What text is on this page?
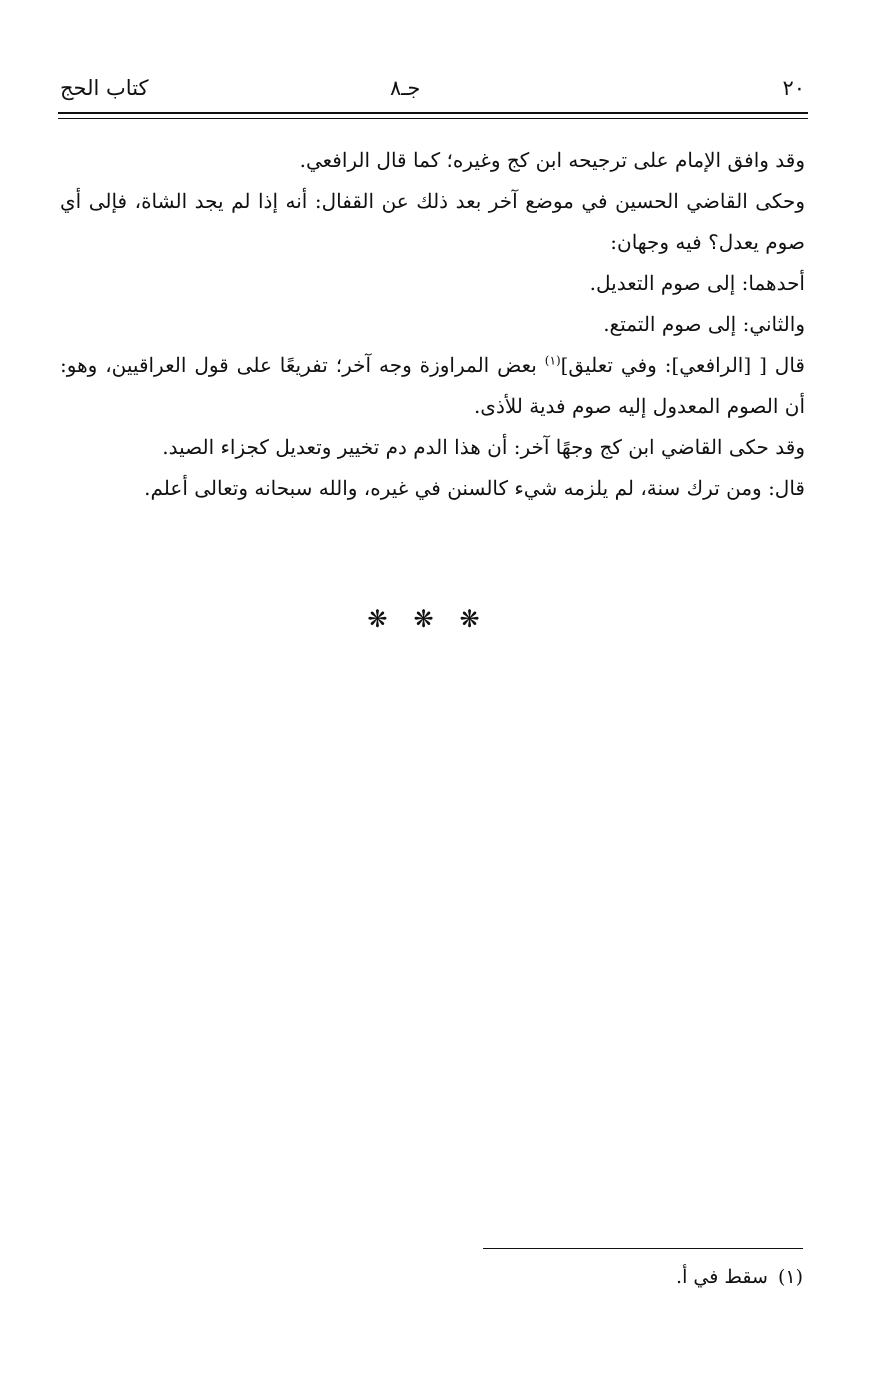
٢٠
جـ٨
كتاب الحج

وقد وافق الإمام على ترجيحه ابن كج وغيره؛ كما قال الرافعي.

وحكى القاضي الحسين في موضع آخر بعد ذلك عن القفال: أنه إذا لم يجد الشاة، فإلى أي صوم يعدل؟ فيه وجهان:

أحدهما: إلى صوم التعديل.

والثاني: إلى صوم التمتع.

قال [ [الرافعي]: وفي تعليق]$^{(١)}$ بعض المراوزة وجه آخر؛ تفريعًا على قول العراقيين، وهو: أن الصوم المعدول إليه صوم فدية للأذى.

وقد حكى القاضي ابن كج وجهًا آخر: أن هذا الدم دم تخيير وتعديل كجزاء الصيد.

قال: ومن ترك سنة، لم يلزمه شيء كالسنن في غيره، والله سبحانه وتعالى أعلم.

❋❋❋
(١)سقط في أ.
